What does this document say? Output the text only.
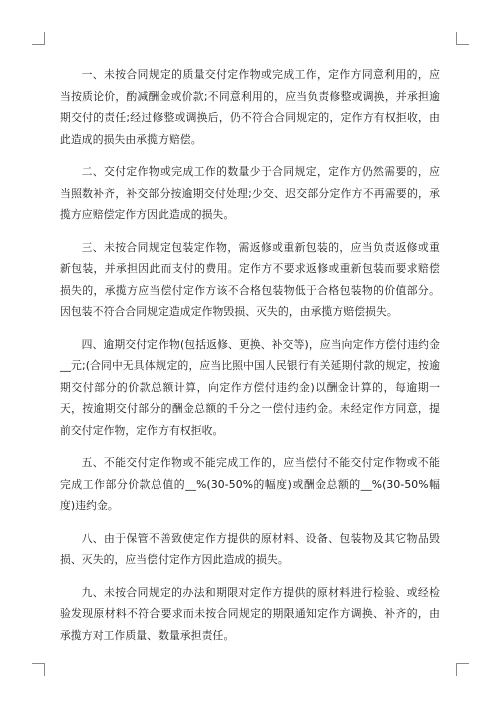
一、未按合同规定的质量交付定作物或完成工作，定作方同意利用的，应当按质论价，酌减酬金或价款;不同意利用的，应当负责修整或调换，并承担逾期交付的责任;经过修整或调换后，仍不符合合同规定的，定作方有权拒收，由此造成的损失由承揽方赔偿。

二、交付定作物或完成工作的数量少于合同规定，定作方仍然需要的，应当照数补齐，补交部分按逾期交付处理;少交、迟交部分定作方不再需要的，承揽方应赔偿定作方因此造成的损失。

三、未按合同规定包装定作物，需返修或重新包装的，应当负责返修或重新包装，并承担因此而支付的费用。定作方不要求返修或重新包装而要求赔偿损失的，承揽方应当偿付定作方该不合格包装物低于合格包装物的价值部分。因包装不符合合同规定造成定作物毁损、灭失的，由承揽方赔偿损失。

四、逾期交付定作物(包括返修、更换、补交等)，应当向定作方偿付违约金__元;(合同中无具体规定的，应当比照中国人民银行有关延期付款的规定，按逾期交付部分的价款总额计算，向定作方偿付违约金)以酬金计算的，每逾期一天，按逾期交付部分的酬金总额的千分之一偿付违约金。未经定作方同意，提前交付定作物，定作方有权拒收。

五、不能交付定作物或不能完成工作的，应当偿付不能交付定作物或不能完成工作部分价款总值的__%(30-50%的幅度)或酬金总额的__%(30-50%幅度)违约金。

八、由于保管不善致使定作方提供的原材料、设备、包装物及其它物品毁损、灭失的，应当偿付定作方因此造成的损失。

九、未按合同规定的办法和期限对定作方提供的原材料进行检验、或经检验发现原材料不符合要求而未按合同规定的期限通知定作方调换、补齐的，由承揽方对工作质量、数量承担责任。
